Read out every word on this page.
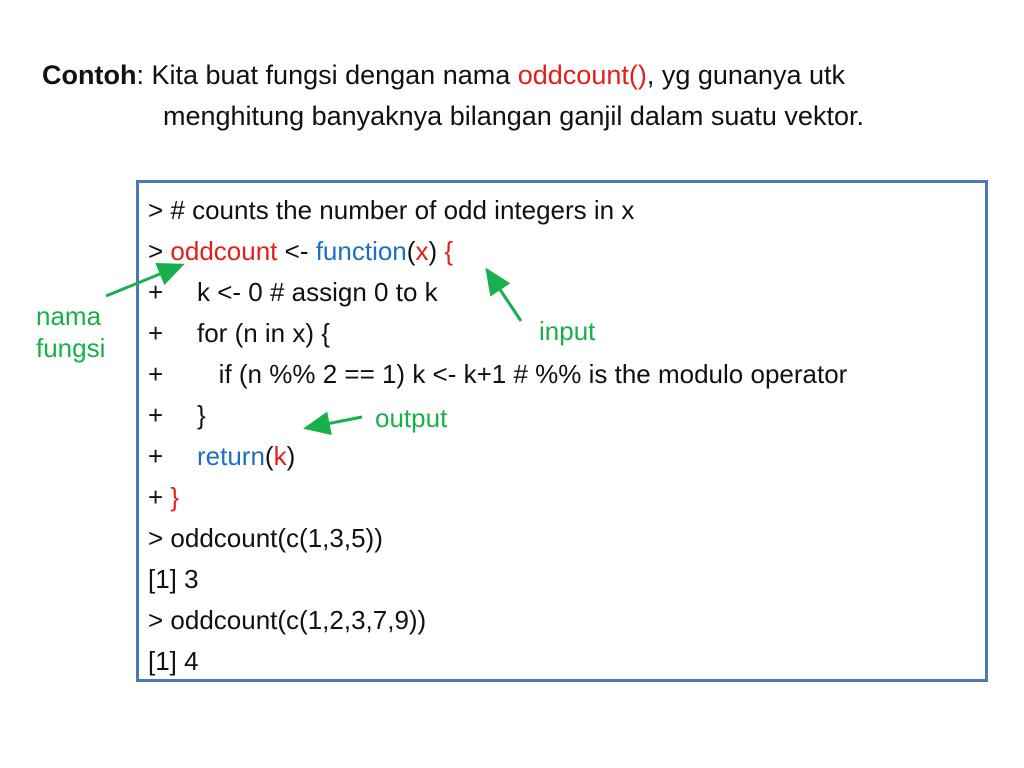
Contoh: Kita buat fungsi dengan nama oddcount(), yg gunanya utk
menghitung banyaknya bilangan ganjil dalam suatu vektor.
> # counts the number of odd integers in x
> oddcount <- function(x) {
+ k <- 0 # assign 0 to k
+ for (n in x) {
+   if (n %% 2 == 1) k <- k+1 # %% is the modulo operator
+ }
+ return(k)
+ }
> oddcount(c(1,3,5))
[1] 3
> oddcount(c(1,2,3,7,9))
[1] 4
nama
fungsi
input
output
